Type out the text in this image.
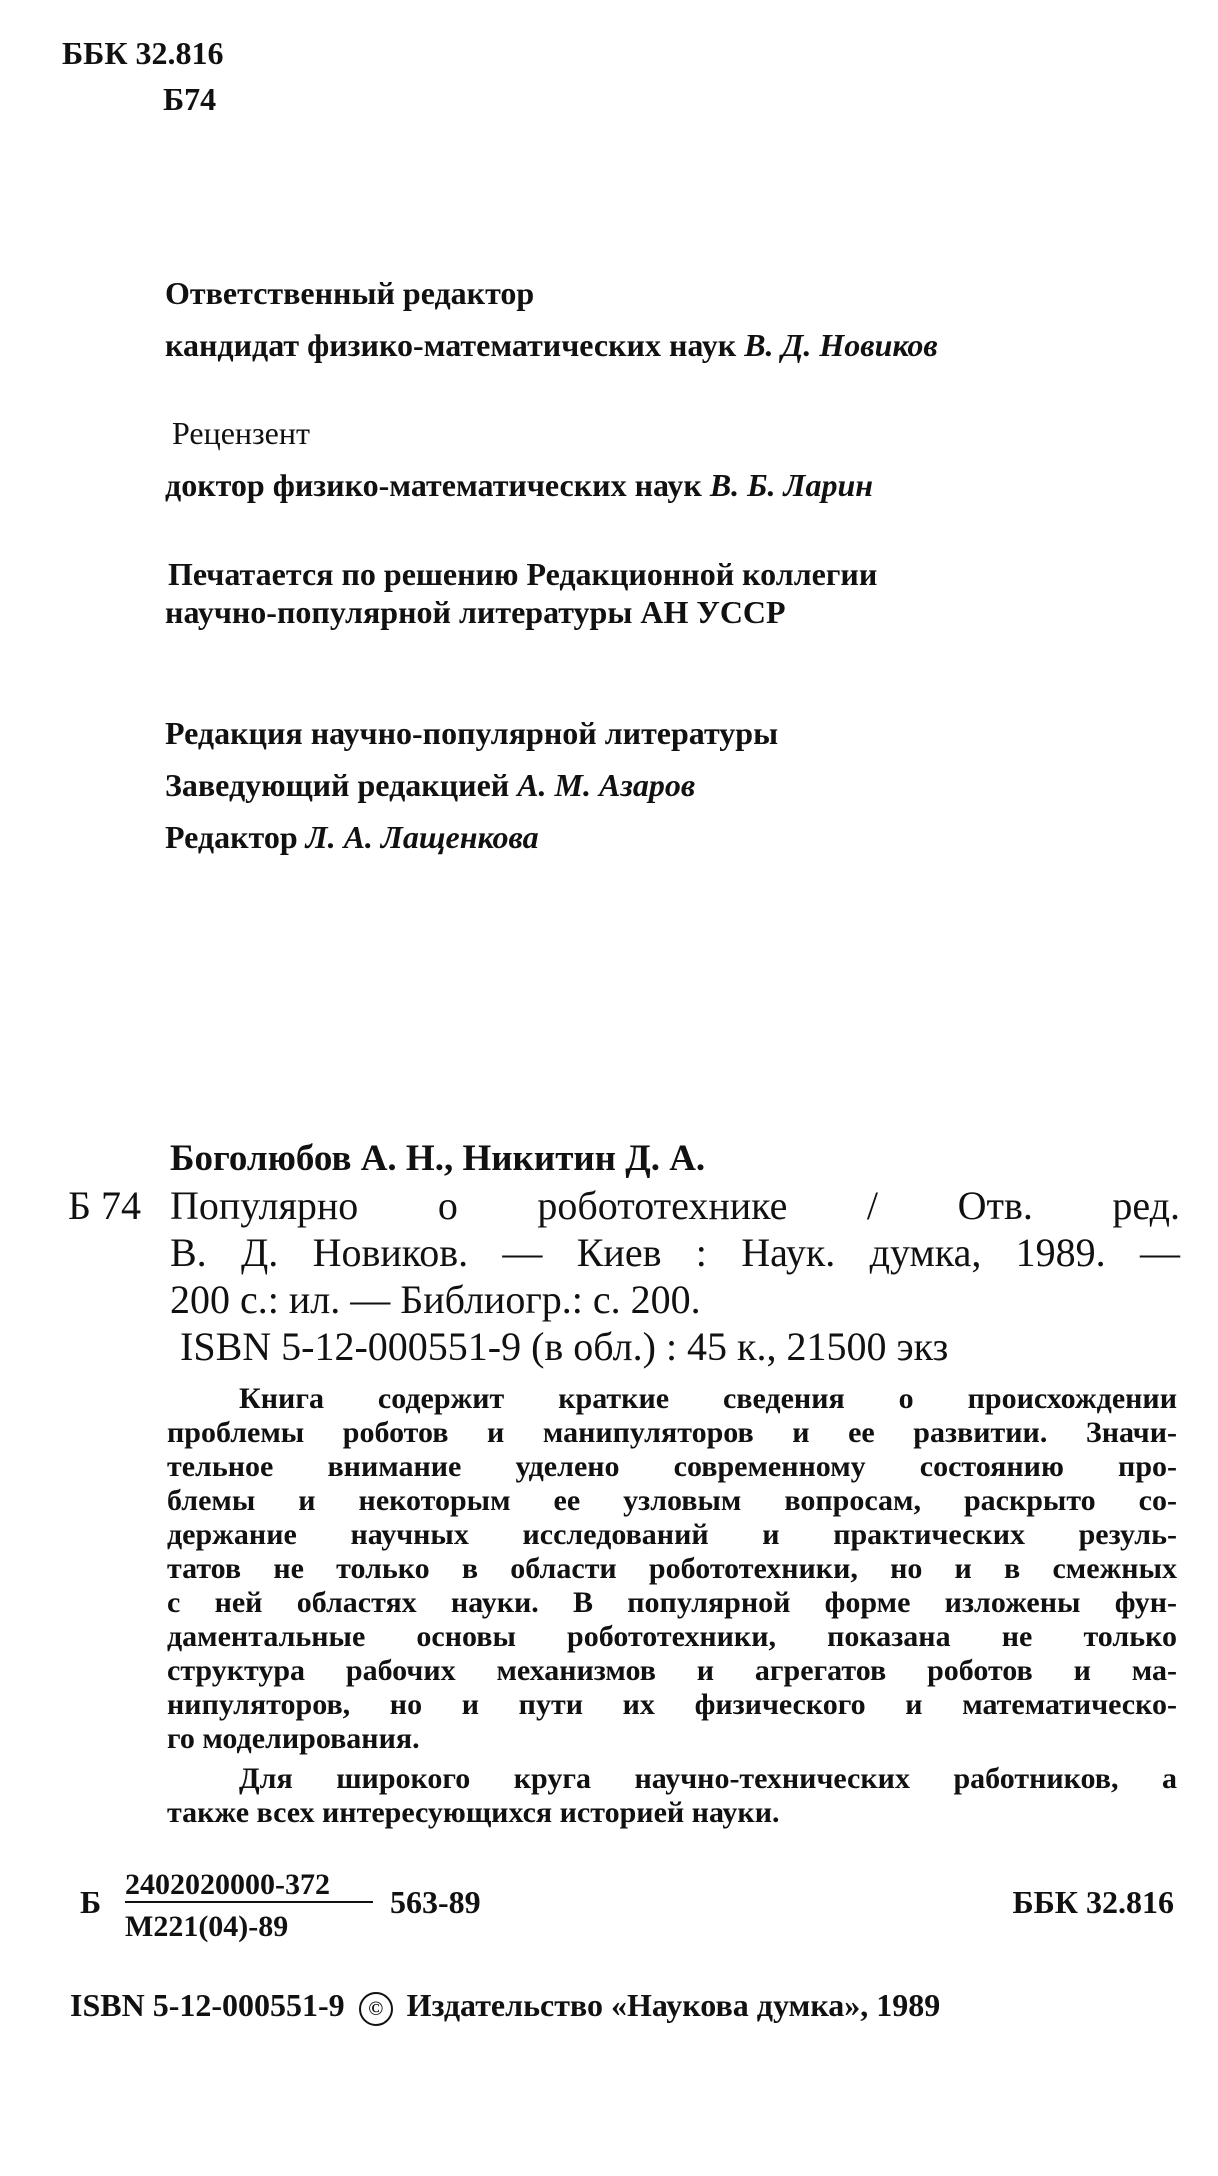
ББК 32.816
Б74
Ответственный редактор
кандидат физико-математических наук В. Д. Новиков
Рецензент
доктор физико-математических наук В. Б. Ларин
Печатается по решению Редакционной коллегии
научно-популярной литературы АН УССР
Редакция научно-популярной литературы
Заведующий редакцией А. М. Азаров
Редактор Л. А. Лащенкова
Боголюбов А. Н., Никитин Д. А.
Б 74 Популярно о робототехнике / Отв. ред.
В. Д. Новиков. — Киев : Наук. думка, 1989. —
200 с.: ил. — Библиогр.: с. 200.
ISBN 5-12-000551-9 (в обл.) : 45 к., 21500 экз
Книга содержит краткие сведения о происхождении
проблемы роботов и манипуляторов и ее развитии. Значи-
тельное внимание уделено современному состоянию про-
блемы и некоторым ее узловым вопросам, раскрыто со-
держание научных исследований и практических резуль-
татов не только в области робототехники, но и в смежных
с ней областях науки. В популярной форме изложены фун-
даментальные основы робототехники, показана не только
структура рабочих механизмов и агрегатов роботов и ма-
нипуляторов, но и пути их физического и математическо-
го моделирования.
Для широкого круга научно-технических работников, а
также всех интересующихся историей науки.
Б 2402020000-372
М221(04)-89
563-89	ББК 32.816
ISBN 5-12-000551-9 © Издательство «Наукова думка», 1989
